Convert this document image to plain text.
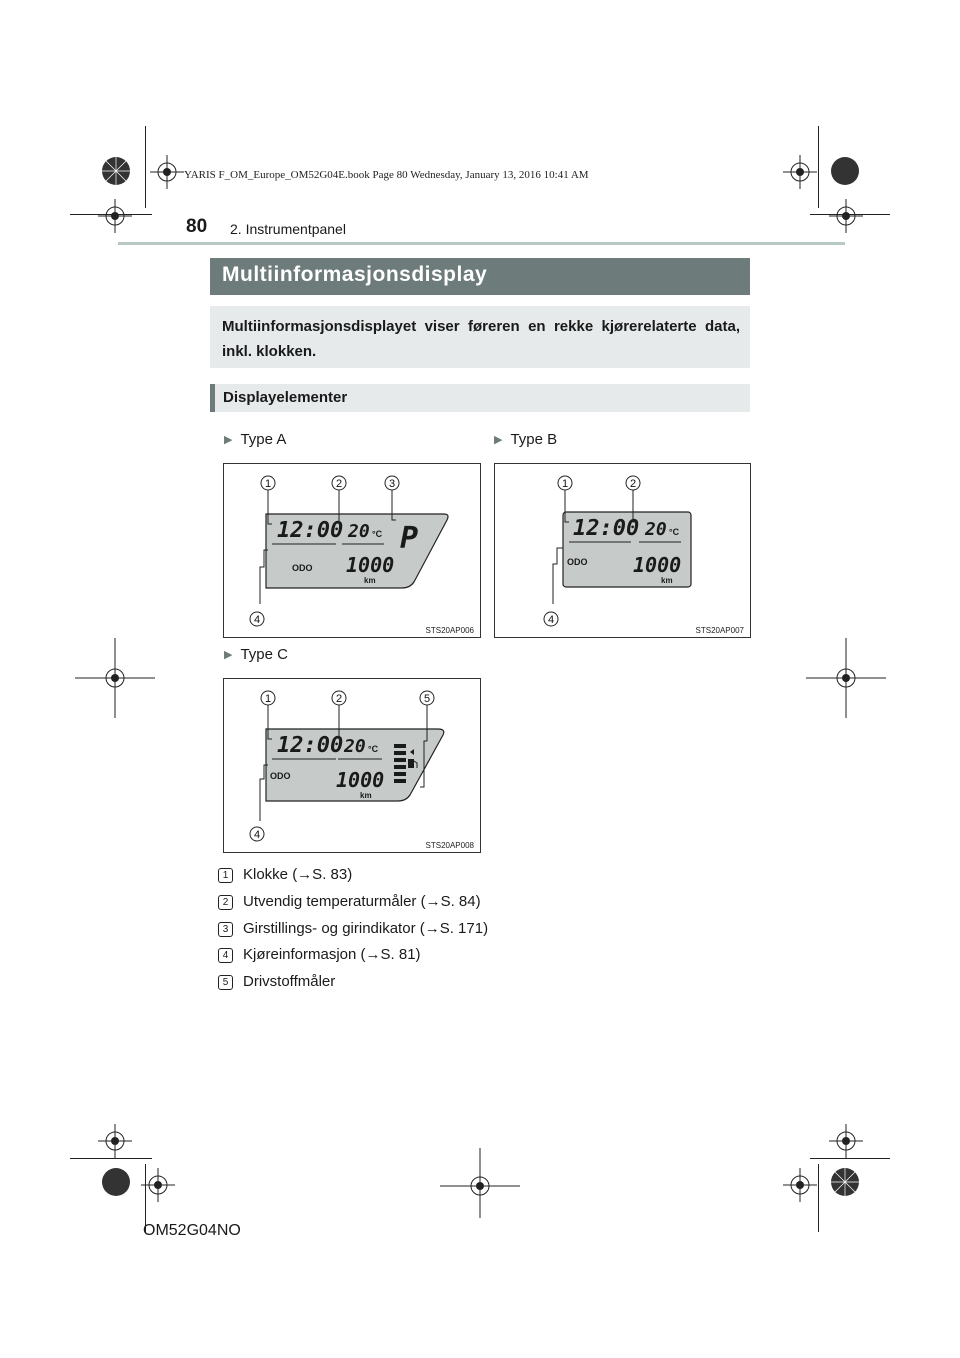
YARIS F_OM_Europe_OM52G04E.book Page 80 Wednesday, January 13, 2016 10:41 AM
80 2. Instrumentpanel
Multiinformasjonsdisplay
Multiinformasjonsdisplayet viser føreren en rekke kjørerelaterte data, inkl. klokken.
Displayelementer
▶ Type A	▶ Type B
▶ Type C
12:00 20 °C P
ODO 1000
km
1	2	3
4
STS20AP006
12:00 20 °C
ODO 1000
km
1	2
4
STS20AP007
12:00 20 °C
ODO 1000
km
1	2	5
4
STS20AP008
1 Klokke (→S. 83)
2 Utvendig temperaturmåler (→S. 84)
3 Girstillings- og girindikator (→S. 171)
4 Kjøreinformasjon (→S. 81)
5 Drivstoffmåler
OM52G04NO
